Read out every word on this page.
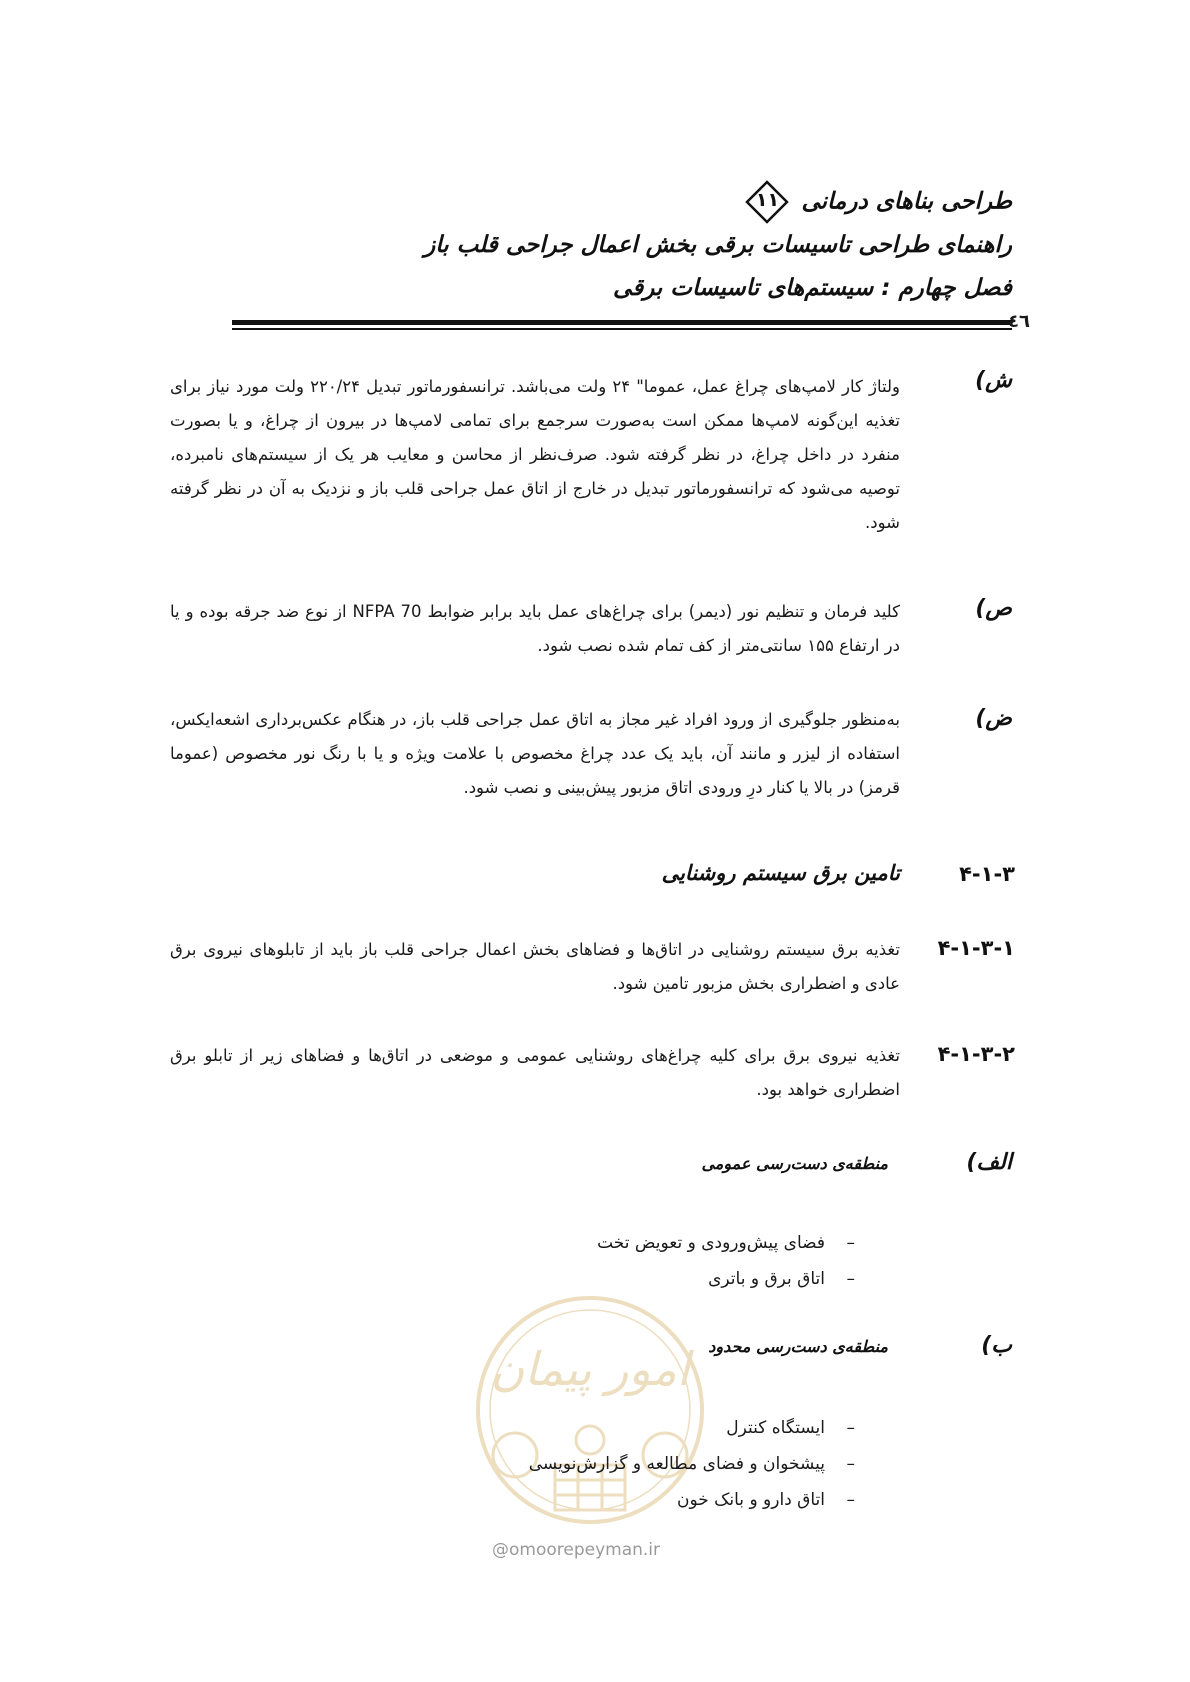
طراحی بناهای درمانی
۱۱
راهنمای طراحی تاسیسات برقی بخش اعمال جراحی قلب باز
فصل چهارم : سیستم‌های تاسیسات برقی
٤٦
ش)
ولتاژ کار لامپ‌های چراغ عمل، عموما" ۲۴ ولت می‌باشد. ترانسفورماتور تبدیل ۲۲۰/۲۴ ولت مورد نیاز برای تغذیه این‌گونه لامپ‌ها ممکن است به‌صورت سرجمع برای تمامی لامپ‌ها در بیرون از چراغ، و یا بصورت منفرد در داخل چراغ، در نظر گرفته شود. صرف‌نظر از محاسن و معایب هر یک از سیستم‌های نامبرده، توصیه می‌شود که ترانسفورماتور تبدیل در خارج از اتاق عمل جراحی قلب باز و نزدیک به آن در نظر گرفته شود.
ص)
کلید فرمان و تنظیم نور (دیمر) برای چراغ‌های عمل باید برابر ضوابط NFPA 70 از نوع ضد جرقه بوده و یا در ارتفاع ۱۵۵ سانتی‌متر از کف تمام شده نصب شود.
ض)
به‌منظور جلوگیری از ورود افراد غیر مجاز به اتاق عمل جراحی قلب باز، در هنگام عکس‌برداری اشعه‌ایکس، استفاده از لیزر و مانند آن، باید یک عدد چراغ مخصوص با علامت ویژه و یا با رنگ نور مخصوص (عموما قرمز) در بالا یا کنار درِ ورودی اتاق مزبور پیش‌بینی و نصب شود.
۴-۱-۳
تامین برق سیستم روشنایی
۴-۱-۳-۱
تغذیه برق سیستم روشنایی در اتاق‌ها و فضاهای بخش اعمال جراحی قلب باز باید از تابلوهای نیروی برق عادی و اضطراری بخش مزبور تامین شود.
۴-۱-۳-۲
تغذیه نیروی برق برای کلیه چراغ‌های روشنایی عمومی و موضعی در اتاق‌ها و فضاهای زیر از تابلو برق اضطراری خواهد بود.
الف)
منطقه‌ی دست‌رسی عمومی
–فضای پیش‌ورودی و تعویض تخت
–اتاق برق و باتری
ب)
منطقه‌ی دست‌رسی محدود
امور پیمان
–ایستگاه کنترل
–پیشخوان و فضای مطالعه و گزارش‌نویسی
–اتاق دارو و بانک خون
@omoorepeyman.ir
